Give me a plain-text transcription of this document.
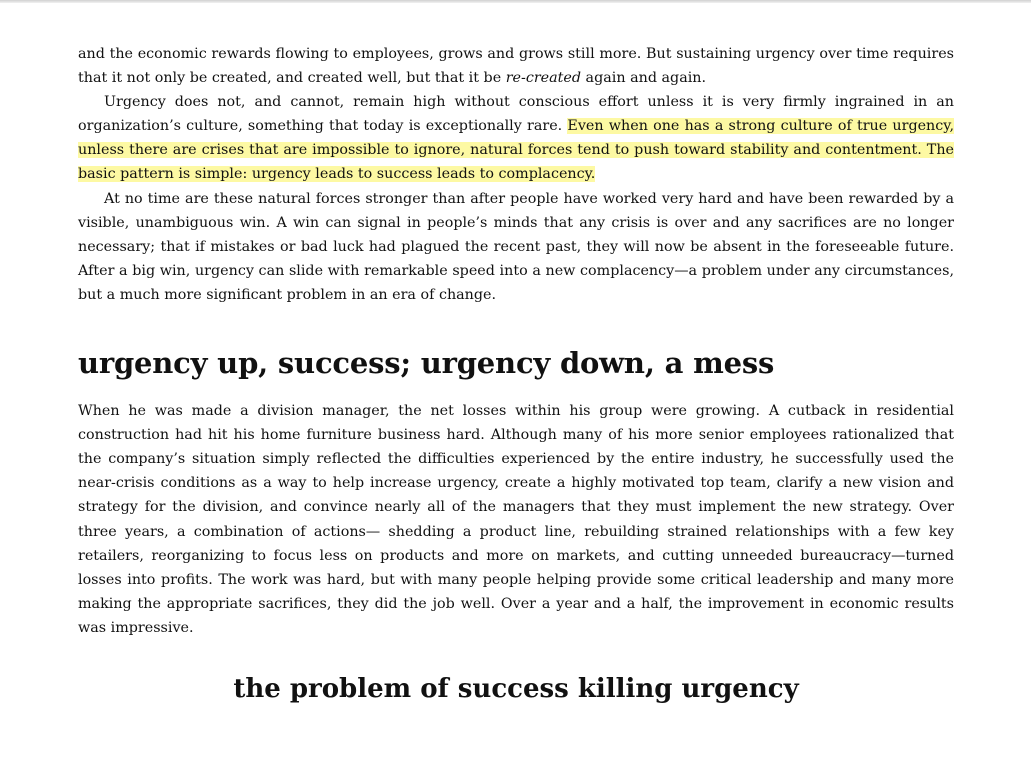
and the economic rewards flowing to employees, grows and grows still more. But sustaining urgency over time requires that it not only be created, and created well, but that it be re-created again and again.

Urgency does not, and cannot, remain high without conscious effort unless it is very firmly ingrained in an organization’s culture, something that today is exceptionally rare. Even when one has a strong culture of true urgency, unless there are crises that are impossible to ignore, natural forces tend to push toward stability and contentment. The basic pattern is simple: urgency leads to success leads to complacency.

At no time are these natural forces stronger than after people have worked very hard and have been rewarded by a visible, unambiguous win. A win can signal in people’s minds that any crisis is over and any sacrifices are no longer necessary; that if mistakes or bad luck had plagued the recent past, they will now be absent in the foreseeable future. After a big win, urgency can slide with remarkable speed into a new complacency—a problem under any circumstances, but a much more significant problem in an era of change.

urgency up, success; urgency down, a mess

When he was made a division manager, the net losses within his group were growing. A cutback in residential construction had hit his home furniture business hard. Although many of his more senior employees rationalized that the company’s situation simply reflected the difficulties experienced by the entire industry, he successfully used the near-crisis conditions as a way to help increase urgency, create a highly motivated top team, clarify a new vision and strategy for the division, and convince nearly all of the managers that they must implement the new strategy. Over three years, a combination of actions— shedding a product line, rebuilding strained relationships with a few key retailers, reorganizing to focus less on products and more on markets, and cutting unneeded bureaucracy—turned losses into profits. The work was hard, but with many people helping provide some critical leadership and many more making the appropriate sacrifices, they did the job well. Over a year and a half, the improvement in economic results was impressive.

the problem of success killing urgency
